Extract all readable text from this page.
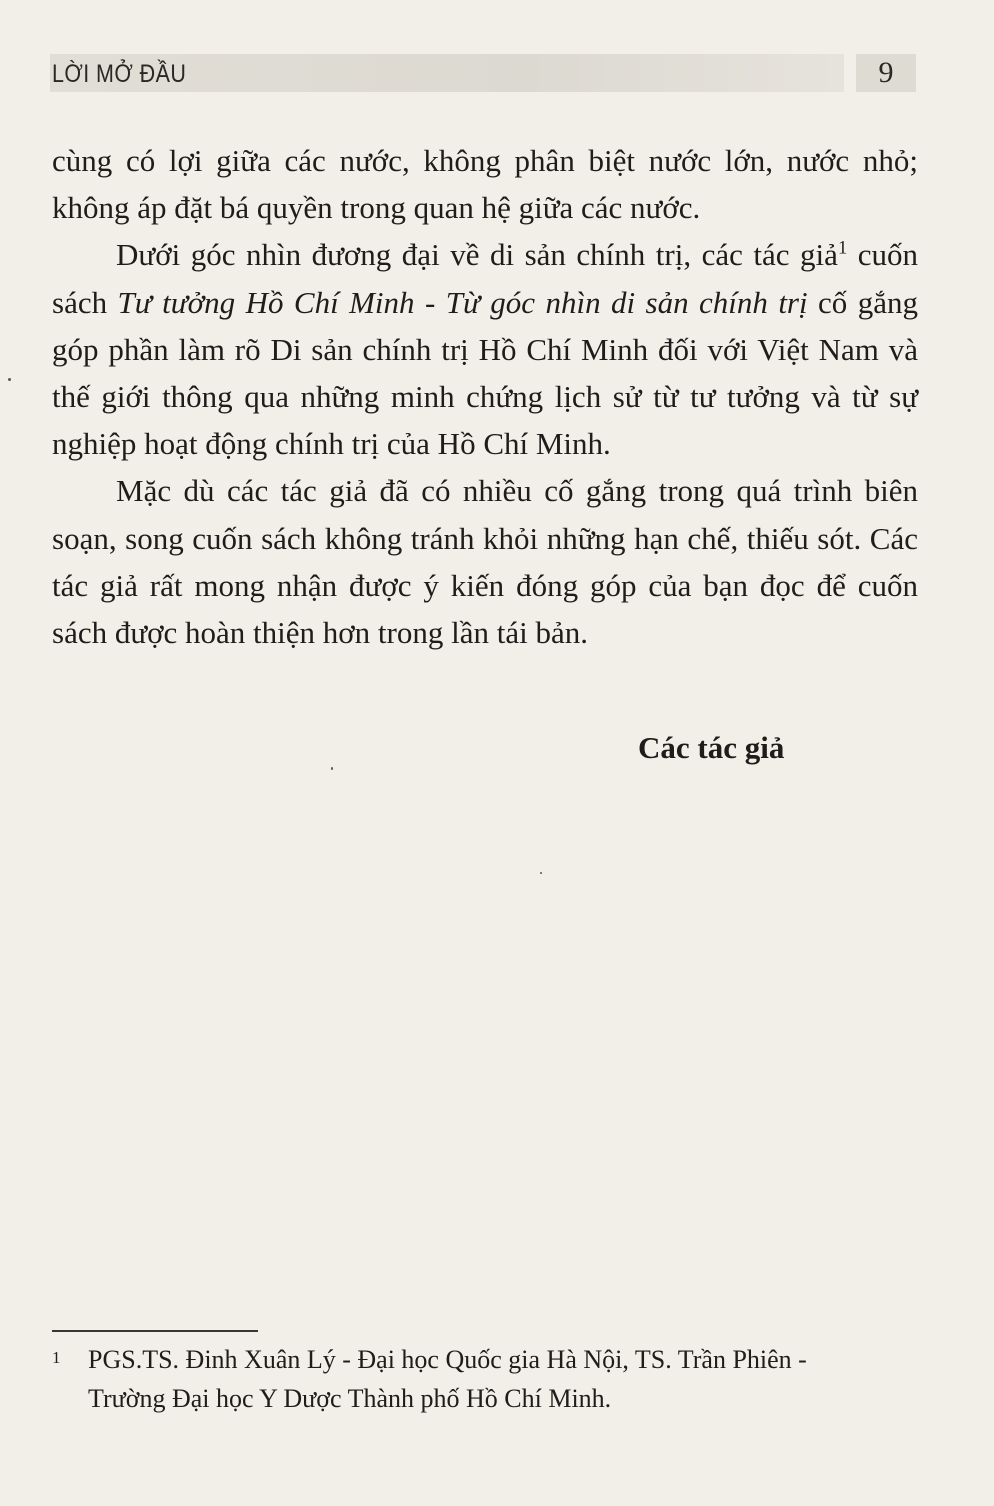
LỜI MỞ ĐẦU	9

cùng có lợi giữa các nước, không phân biệt nước lớn, nước nhỏ; không áp đặt bá quyền trong quan hệ giữa các nước.

Dưới góc nhìn đương đại về di sản chính trị, các tác giả$^1$ cuốn sách Tư tưởng Hồ Chí Minh - Từ góc nhìn di sản chính trị cố gắng góp phần làm rõ Di sản chính trị Hồ Chí Minh đối với Việt Nam và thế giới thông qua những minh chứng lịch sử từ tư tưởng và từ sự nghiệp hoạt động chính trị của Hồ Chí Minh.

Mặc dù các tác giả đã có nhiều cố gắng trong quá trình biên soạn, song cuốn sách không tránh khỏi những hạn chế, thiếu sót. Các tác giả rất mong nhận được ý kiến đóng góp của bạn đọc để cuốn sách được hoàn thiện hơn trong lần tái bản.

Các tác giả
1	PGS.TS. Đinh Xuân Lý - Đại học Quốc gia Hà Nội, TS. Trần Phiên -
Trường Đại học Y Dược Thành phố Hồ Chí Minh.
